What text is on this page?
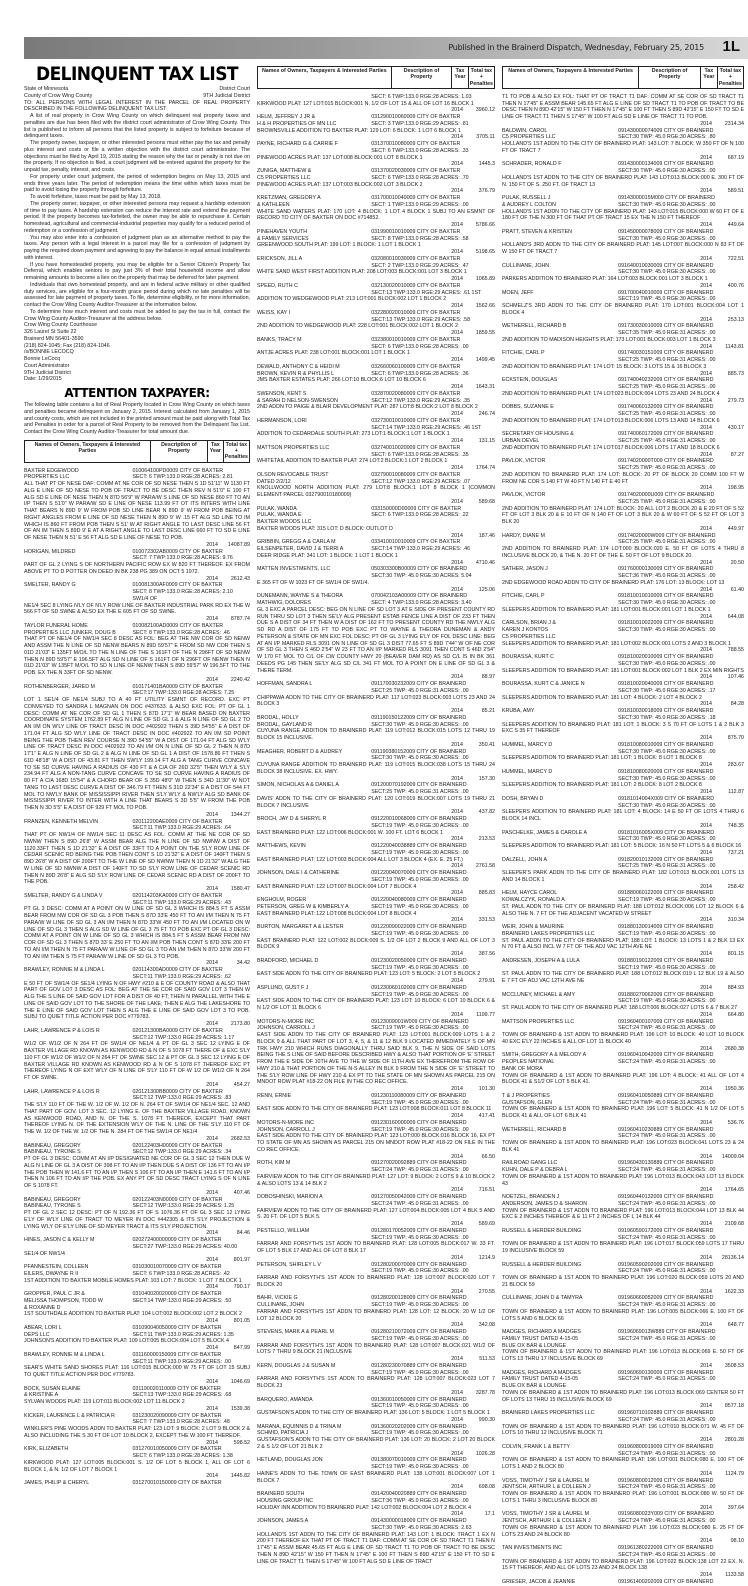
Published in the Brainerd Dispatch, Wednesday, February 25, 2015 1L
DELINQUENT TAX LIST
State of Minnesota	District Court
County of Crow Wing County	9TH Judicial District

TO: ALL PERSONS WITH LEGAL INTEREST IN THE PARCEL OF REAL PROPERTY DESCRIBED IN THE FOLLOWING DELINQUENT TAX LIST

A list of real property in Crow Wing County on which delinquent real property taxes and penalties are due has been filed with the district court administrator of Crow Wing County. This list is published to inform all persons that the listed property is subject to forfeiture because of delinquent taxes.

The property owner, taxpayer, or other interested persons must either pay the tax and penalty plus interest and costs or file a written objection with the district court administrator. The objections must be filed by April 19, 2015 stating the reason why the tax or penalty is not due on the property. If no objection is filed, a court judgment will be entered against the property for the unpaid tax, penalty, interest, and costs.

For property under court judgment, the period of redemption begins on May 13, 2015 and ends three years later. The period of redemption means the time within which taxes must be paid to avoid losing the property through forfeiture.

To avoid forfeiture, taxes must be paid by May 13, 2018.

The property owner, taxpayer, or other interested persons may request a hardship extension of time to pay taxes. A hardship extension can reduce the interest rate and extend the payment period. If the property becomes tax-forfeited, the owner may be able to repurchase it. Certain homestead, agricultural and commercial-industrial properties may qualify for a reduced period of redemption or a confession of judgment.

You may also enter into a confession of judgment plan as an alternative method to pay the taxes. Any person with a legal interest in a parcel may file for a confession of judgment by paying the required down payment and agreeing to pay the balance in equal annual installments with interest.

If you have homesteaded property, you may be eligible for a Senior Citizen's Property Tax Deferral, which enables seniors to pay just 3% of their total household income and allow remaining amounts to become a lien on the property that may be deferred for later payment.

Individuals that own homestead property, and are in federal active military or other qualified duty services, are eligible for a four-month grace period during which no late penalties will be assessed for late payment of property taxes. To file, determine eligibility, or for more information, contact the Crow Wing County Auditor-Treasurer at the information below.

To determine how much interest and costs must be added to pay the tax in full, contact the Crow Wing County Auditor-Treasurer at the address below.

Crow Wing County Courthouse
326 Laurel St Suite 22
Brainerd MN 56401-3590
(218) 824-1045; Fax (218) 824-1046
/s/BONNIE LECOCQ
Bonnie LeCocq
Court Administrator
9TH Judicial District
Date: 1/29/2015
ATTENTION TAXPAYER:

The following table contains a list of Real Property located in Crow Wing County on which taxes and penalties became delinquent on January 2, 2015. Interest calculated from January 1, 2015 and county costs, which are not included in the printed amount must be paid along with Total Tax and Penalties in order for a parcel of Real Property to be removed from the Delinquent Tax List. Contact the Crow Wing County Auditor-Treasurer for total amount due.

Names of Owners, Taxpayers & Interested Parties	Description of Property	Tax Year	Total tax + Penalties
BAXTER EDGEWOOD
PROPERTIES LLC
010064100PD0009 CITY OF BAXTER
SECT: 6 TWP:133.0 RGE:28 ACRES: 2.81
ALL THAT PT OF NESE DAF: COMM AT NE COR OF SD NESE THEN S 1D 51'11" W 1130 FT ALG E LINE OF SD NESE TO POB OF TRACT TO BE DESC THEN REV N 51'0" E 100 FT ALG SD E LINE OF NESE THEN N 87D 56'9" W PARA/W S LINE OF SD NESE 860 FT TO AN I/P THEN S 51'0" W PARA/W SD E LINE OF NESE 113.99 FT OT ITS INTERS WITH LINE THAT BEARS N 89D 9' W FROM POB SD LINE BEAR N 89D 9' W FROM POB BEING AT RIGHT ANGLES FROM E LINE OF SD NESE THEN N 89D 9' W .15 FT ALG SD LINE TO IM WHICH IS 860 FT FROM POB THEN S 51' W AT RIGHT ANGLE TO LAST DESC LINE 56 FT OF AN IM THEN S 89D 9' E AT A RIGHT ANGLE TO LAST DESC LINE 660 FT TO SD E LINE OF NESE THEN N 51' E 56 FT ALG SD E LINE OF NESE TO POB.
2014	14087.89
HORIGAN, MILDRED	010072302AB0009 CITY OF BAXTER
SECT: 7 TWP:133.0 RGE:28 ACRES: 9.76
PART OF GL 2 LYING S OF NORTHERN PACIFIC ROW EX W 820 FT THEREOF. EX FROM ABOVE PT TO D POTTER ON DEED IN BK 238 PG 389 ON OCT 5 1972.
2014	2612.43
SMELTER, RANDY G	010081300AF0009 CITY OF BAXTER
SECT: 8 TWP:133.0 RGE:28 ACRES: 2.10 SW1/4 OF
NE1/4 SEC 8 LYING N'LY OF N'LY ROW LINE OF BAXTER INDUSTRIAL PARK RD EX THE W 566 FT OF SD SWNE & ALSO EX THE E 605 FT OF SD SWNE.
2014	8787.74
TAYLOR FUNERAL HOME
PROPERTIES LLC JUNKER, DOUG B
010082100AD0009 CITY OF BAXTER
SECT: 8 TWP:133.0 RGE:28 ACRES: .46
THAT PT OF NE1/4 OF NW1/4 SEC 8 DESC AS FOL: BEG AT THE NW COR OF SD NENW AND ASSM THE N LINE OF SD NENW BEARS N 89D 59'57" E FROM SD NW COR THEN S 01D 21'03" E 135FT M/O/L TO THE N LINE OF THE S 161FT OF THE N 296FT OF SD NENW THEN N 89D 59'57" E 196.5FT ALG SD N LINE OF S 161FT OF N 296FT OF NENW THEN N 01D 21'03" W 135FT M/O/L TO SD N LINE OF NENW THEN S 89D 59'57" W 196.5FT TO THE POB. EX THE N 33FT OF SD NENW.
2014	2240.42
ROTHENBERGER, JARED M	010171401BA0009 CITY OF BAXTER
SECT:17 TWP:133.0 RGE:28 ACRES: 7.25
LOT 1 SE1/4 OF NE1/4 SUBJ TO A 40 FT UTILITY ESMNT OF RECORD. EXC PT CONVEYED TO SANDRA L MAGNAN ON DOC #437633. & ALSO EXC FOL: PT OF GL 1 DESC: COMM AT NE COR OF SD GL 1 THEN S 87D 17'1" W BEAR BASED ON BAXTER COORDINATE SYSTEM 1762.89 FT ALG N LINE OF SD GL 1 & ALG N LINE OF SD GL 2 TO AN I/M ON W'LY LINE OF TRACT DESC IN DOC #402922 THEN S 39D 54'55" E A DIST OF 171.04 FT ALG SD W'LY LINE OF TRACT DESC IN DOC #402922 TO AN I/M SD POINT BEING THE POB THEN REV COURSE N 39D 54'55" W A DIST OF 171.04 FT ALG SD W'LY LINE OF TRACT DESC IN DOC #402922 TO AN I/M ON N LINE OF SD GL 2 THEN N 87D 17'1" E ALG N LINE OF SD GL 2 & ALG N LINE OF SD GL 1 A DIST OF 1578.86 FT THEN S 61D 48'18" W A DIST OF 43.81 FT THEN SW'LY 199.14 FT ALG A TANG CURVE CONCAVE TO SE SD CURVE HAVING A RADIUS OF 430 FT & A C/A OF 26D 32'5" THEN W'LY & S'LY 234.94 FT ALG A NON-TANG CURVE CONCAVE TO SE SD CURVE HAVING A RADIUS OF 80 FT A C/A 168D 15'54" & A CHORD BEAR OF S 35D 48'0" W THEN S 34D 11'30" W NOT TANG TO LAST DESC CURVE A DIST OF 346.79 FT THEN S 31D 22'34" E A DIST OF 544 FT MOL TO NW'LY BANK OF MISSISSIPPI RIVER THEN S'LY W'LY & NW'LY ALG SD BANK OF MISSISSIPPI RIVER TO INTER WITH A LINE THAT BEARS S 3D 5'5" W FROM THE POB THEN N 3D 5'5" E A DIST OF 929 FT MOL TO POB.
2014	1344.27
FRANZEN, KENNETH MELVIN	020112200AE0009 CITY OF BAXTER
SECT:11 TWP:133.0 RGE:29 ACRES: .64
THAT PT OF NW1/4 OF NW1/4 SEC 11 DESC AS FOL: COMM AT THE NE COR OF SD NWNW THEN S 89D 26'8" W ASSM BEAR ALG THE N LINE OF SD NWNW A DIST OF 1120.33FT THEN S 1D 21'32" E A DIST OF 33FT TO A POINT ON THE S'LY ROW LINE OF CEDAR SCENIC RD BEING THE POB THEN CONT S 1D 21'32" E A DIST OF 140FT THEN S 89D 26'8" W A DIST OF 200FT TO THE W LINE OF SD NWNW THEN N 1D 21'32" W ALG THE W LINE OF SD NWNW A DIST OF 140FT TO SD S'LY ROW LINE OF CEDAR SCENIC RD THEN N 89D 26'8" E ALG SD S'LY ROW LINE OF CEDAR SCENIC RD A DIST OF 200FT TO THE POB.
2014	1580.47
SMELTER, RANDY G & LINDA V	020114203KA0009 CITY OF BAXTER
SECT:11 TWP:133.0 RGE:29 ACRES: .43
PT GL 3 DESC: COMM AT A POINT ON W LINE OF SD GL 3 WHICH IS 884.5 FT S ASSM BEAR FROM NW COR OF SD GL 3 POB THEN S 87D 33'E 450 FT TO AN I/M THEN N 75 FT PARA/W W LINE OF SD GL 3 AN I/M THEN N 87D 33'W 450 FT TO AN I/M LOCATED ON W LINE OF SD GL 3 THEN S ALG SD W LINE OF GL 3 75 FT TO POB EXC PT OF GL 3 DESC: COMM AT A POINT ON W LINE OF SD GL 3 WHICH IS 884.5 FT S ASSM BEAR FROM NW COR OF SD GL 3 THEN S 87D 33' E 250 FT TO AN I/M POB THEN CONT S 87D 33'E 200 FT TO AN I/M THEN N 75 FT PARA/W W LINE OF SD GL 3 TO AN I/M THEN N 87D 33'W 200 FT TO AN I/M THEN S 75 FT PARA/W W LINE OF SD GL 3 TO POB.
2014	34.42
BRAWLEY, RONNIE M & LINDA L	020114300AD0009 CITY OF BAXTER
SECT:11 TWP:133.0 RGE:29 ACRES: .62
E 50 FT OF SW1/4 OF SE1/4 LYING N OF HWY #210 & E OF COUNTY ROAD & ALSO THAT PART OF GOV LOT 3 DESC AS FOL: BEG AT THE SE COR OF SAID GOV LOT 3 THEN W ALG THE S LINE OF SAID GOV LOT FOR A DIST OF 40 FT; THEN N PARALLEL WITH THE E LINE OF SAID GOV LOT TO THE SHORE OF THE LAKE; THEN E ALG THE LAKESHORE TO THE E LINE OF SAID GOV LOT THEN S ALG THE E LINE OF SAID GOV LOT 3 TO POB. SUBJ TO QUIET TITLE ACTION PER DOC #779783.
2014	2173.80
LAHR, LAWRENCE P & LOIS R	020121300BA0009 CITY OF BAXTER
SECT:12 TWP:133.0 RGE:29 ACRES: 1.17
W1/2 OF W1/2 OF N 264 FT OF SW1/4 OF NE1/4 & PT OF GL 3 SEC 12 LYING E OF BAXTER VILLAGE RD KNOWN AS KENWOOD RD & N OF S 1078 FT THERE OF & EXC S'LY 110 FT OF W1/2 OF W1/2 OF N 264 FT OF SWNE SEC 12 & PT OF GL 3 SEC 12 LYING E OF BAXTER VILLAGE RD KNOWN AS KENWOOD RD & N OF S 1078 FT THEREOF EXC PT THEREOF LYING N OF EXT W'LY OF N LINE OF S'LY 110 FT OF W 1/2 OF W1/2 OF N 264 FT OF SWNE.
2014	454.27
LAHR, LAWRENCE P & LOIS R	020121300BB0009 CITY OF BAXTER
SECT:12 TWP:133.0 RGE:29 ACRES: .83
THE S'LY 110 FT OF THE W. 1/2 OF W. 1/2 OF N. 264 FT OF SW1/4 OF NE1/4 SEC. 12 AND THAT PART OF GOV. LOT 3 SEC. 12 LYING E. OF THE BAXTER VILLAGE ROAD, KNOWN AS KENWOOD ROAD, AND N. OF THE S. 1078 FT THEREOF, EXCEPT THAT PART THEREOF LYING N. OF THE EXTENSION W'LY OF THE N. LINE OF THE S'LY 110 FT OF THE W. 1/2 OF THE W. 1/2 OF THE N. 284 FT OF THE SW1/4 OF NE1/4
2014	2682.53
BABINEAU, GREGORY
BABINEAU, TYRONE S
020122403H00009 CITY OF BAXTER
SECT:12 TWP:133.0 RGE:29 ACRES: .34
PT OF GL 3 DESC: COMM AT AN I/P DESIGNATED NE COR OF GL 3 SEC 12 THEN DUE W ALG N LINE OF GL 3 A DIST OF 398 FT TO AN I/P THEN DUE S A DIST OF 136 FT TO AN I/P THE POB THEN W 141.6 FT TO AN I/P THEN S 106 FT TO AN I/P THEN E 141.6 FT TO AN I/P THEN N 106 FT TO AN I/P THE POB. EX ANY PT OF SD DESC TRACT LYING S OF N LINE OF S 1078 FT.
2014	407.46
BABINEAU, GREGORY
BABINEAU, TYRONE S
020122403N00009 CITY OF BAXTER
SECT:12 TWP:133.0 RGE:29 ACRES: 1.25
PT OF GL 2 SEC 12 DESC: PT OF N 192.36 FT OF S 1076.36 FT OF GL 3 SEC 12 LYING E'LY OF W'LY LINE OF TRACT TO MEYER IN DOC #442305 & ITS S'LY PROJECTION & LYING W'LY OF E'LY LINE OF SD MEYER TRACT & ITS S'LY PROJECTION.
2014	84.46
HINES, JASON C & KELLY M	020272400000009 CITY OF BAXTER
SECT:27 TWP:133.0 RGE:29 ACRES: 40.00
SE1/4 OF NW1/4
2014	801.97
PFANNESTEIN, COLLEEN
EILERS, DWAYNE R II
031030010070009 CITY OF BAXTER
SECT: 6 TWP:133.0 RGE:28 ACRES: .42
1ST ADDITION TO BAXTER MOBILE HOMES PLAT: 103 LOT: 7 BLOCK: 1 LOT 7 BLOCK 1
2014	790.17
GROPPER, PAUL C JR &
MELISSA THOMPSON, TODD W
& ROXANNE D
031040020020009 CITY OF BAXTER
SECT:14 TWP:133.0 RGE:29 ACRES: .50
1ST SOUTHDALE ADDITION TO BAXTER PLAT: 104 LOT:002 BLOCK:002 LOT 2 BLOCK 2
2014	801.05
ABEAR, LORI L
DEPS LLC
031090040050009 CITY OF BAXTER
SECT:11 TWP:133.0 RGE:29 ACRES: 1.35
JOHNSON'S ADDITION TO BAXTER PLAT: 109 LOT:005 BLOCK:004 LOT 5 BLOCK 4
2014	847.99
BRAWLEY, RONNIE M & LINDA L	031160000150009 CITY OF BAXTER
SECT:11 TWP:133.0 RGE:29 ACRES: .00
SEAR'S WHITE SAND SHORES PLAT: 116 LOT:015 BLOCK:000 W 75 FT OF LOT 15 SUBJ TO QUIET TITLE ACTION PER DOC #779783.
2014	1046.69
BOCK, SUSAN ELAINE
& KRISTINE A
031190020110009 CITY OF BAXTER
SECT:13 TWP:133.0 RGE:29 ACRES: .68
SYLVAN WOODS PLAT: 119 LOT:011 BLOCK:002 LOT 11 BLOCK 2
2014	1539.38
KICKER, LAURENCE L & PATRICIA R	031230020090009 CITY OF BAXTER
SECT: 7 TWP:133.0 RGE:28 ACRES: .48
WINKLER'S PINE WOODS ADDN TO BAXTER PLAT: 123 LOT: 9 BLOCK: 2 LOT 9 BLOCK 2 & ALSO INCLUDING THE S 30 FT OF LOT 10 BLOCK 2, EXCEPT THE W 100 FT THEREOF.
2014	598.52
KIRK, ELIZABETH	031270010050009 CITY OF BAXTER
SECT: 6 TWP:133.0 RGE:28 ACRES: 1.38
KIRKWOOD PLAT: 127 LOT:005 BLOCK:001 S. 1/2 OF LOT 5 BLOCK 1, ALL OF LOT 6 BLOCK 1, & N. 1/2 OF LOT 7 BLOCK 1
2014	1445.82
JAMES, PHILIP & CHERYL	031270010150009 CITY OF BAXTER
Names of Owners, Taxpayers & Interested Parties	Description of Property	Tax Year	Total tax + Penalties
SECT: 6 TWP:133.0 RGE:28 ACRES: 1.03
KIRKWOOD PLAT: 127 LOT:015 BLOCK:001 N. 1/2 OF LOT 15 & ALL OF LOT 16 BLOCK 1
2014	3960.12
HELM, JEFFREY J JR &
H & H PROPERTIES OF MN LLC
031290010060009 CITY OF BAXTER
SECT: 3 TWP:133.0 RGE:29 ACRES: .81
BROWNSVILLE ADDITION TO BAXTER PLAT: 129 LOT: 6 BLOCK: 1 LOT 6 BLOCK 1
2014	3705.11
PAYNE, RICHARD G & CARRIE F	031370010080009 CITY OF BAXTER
SECT: 6 TWP:133.0 RGE:28 ACRES: .33
PINEWOOD ACRES PLAT: 137 LOT:008 BLOCK:001 LOT 8 BLOCK 1
2014	1445.3
ZUNIGA, MATTHEW &
C5 PROPERTIES LLC
031370020030009 CITY OF BAXTER
SECT: 6 TWP:133.0 RGE:28 ACRES: .70
PINEWOOD ACRES PLAT: 137 LOT:003 BLOCK:002 LOT 3 BLOCK 2
2014	376.79
KRETZMAN, GREGORY A
& KATHLEEN
031700010040009 CITY OF BAXTER
SECT: 1 TWP:133.0 RGE:29 ACRES: .00
WHITE SAND WATERS PLAT: 170 LOT: 4 BLOCK: 1 LOT 4 BLOCK 1 SUBJ TO AN ESMNT OF RECORD TO CITY OF BAXTER ON DOC #714852.
2014	5786.66
PINEHAVEN YOUTH
& FAMILY SERVICES
031990010010009 CITY OF BAXTER
SECT: 8 TWP:133.0 RGE:28 ACRES: .58
GREENWOOD SOUTH PLAT: 199 LOT: 1 BLOCK: 1 LOT 1 BLOCK 1
2014	5198.65
ERICKSON, JILL A	032080010030009 CITY OF BAXTER
SECT: 2 TWP:133.0 RGE:29 ACRES: .47
WHITE SAND WEST FIRST ADDITION PLAT: 208 LOT:003 BLOCK:001 LOT 3 BLOCK 1
2014	1065.89
SPEED, RUTH C	032130020010009 CITY OF BAXTER
SECT:13 TWP:133.0 RGE:29 ACRES: .61 1ST
ADDITION TO WEDGEWOOD PLAT: 213 LOT:001 BLOCK:002 LOT 1 BLOCK 2
2014	1562.66
WEISS, KAY I	032280020010009 CITY OF BAXTER
SECT:13 TWP:133.0 RGE:29 ACRES: .58
2ND ADDITION TO WEDGEWOOD PLAT: 228 LOT:001 BLOCK:002 LOT 1 BLOCK 2
2014	1859.55
BANKS, TRACY M	032380010010009 CITY OF BAXTER
SECT: 6 TWP:133.0 RGE:28 ACRES: .00
ANTJE ACRES PLAT: 238 LOT:001 BLOCK:001 LOT 1 BLOCK 1
2014	1499.45
DEWALD, ANTHONY C & HEIDI M
BROWN, KEVIN R & PHYLLIS L
032660060100009 CITY OF BAXTER
SECT: 6 TWP:133.0 RGE:28 ACRES: .36
JMS BAXTER ESTATES PLAT: 266 LOT:10 BLOCK:6 LOT 10 BLOCK 6
2014	1643.31
SWENSON, KENT S
& SARAH D NELSON-SWENSON
032870020080009 CITY OF BAXTER
SECT:12 TWP:133.0 RGE:29 ACRES: .35
2ND ADDN TO PAIGE & BLAIR DEVELOPMENT PLAT: 287 LOT:8 BLOCK:2 LOT 8 BLOCK 2
2014	246.74
HERMANSON, LORI	032730010010009 CITY OF BAXTER
SECT:14 TWP:133.0 RGE:29 ACRES: .46 1ST
ADDITION TO CEDARDALE SOUTH PLAT: 273 LOT:1 BLOCK:1 LOT 1 BLOCK 1
2014	131.15
MATTSON PROPERTIES LLC	032740010020009 CITY OF BAXTER
SECT: 6 TWP:133.0 RGE:28 ACRES: .35
WHITETAIL ADDITION TO BAXTER PLAT: 274 LOT:2 BLOCK:1 LOT 2 BLOCK 1
2014	1764.74
OLSON REVOCABLE TRUST
DATED 2/2/12
032790010080009 CITY OF BAXTER
SECT:12 TWP:133.0 RGE:29 ACRES: .07
KNOLLWOOD NORTH ADDITION PLAT: 279 LOT:8 BLOCK:1 LOT 8 BLOCK 1 (COMMON ELEMENT PARCEL 032790010180009)
2014	589.68
PULAK, WANDA
PULAK, WANDA E
BAXTER WOODS LLC
033150000D00009 CITY OF BAXTER
SECT: 6 TWP:133.0 RGE:28 ACRES: .22
BAXTER WOODS PLAT: 315 LOT: D BLOCK: OUTLOT D
2014	187.46
GRIBBIN, GREGG A & CARLA M
EILSENPETER, DAVID J & TERRI A
033410010010009 CITY OF BAXTER
SECT:14 TWP:133.0 RGE:29 ACRES: .46
DEER RIDGE PLAT: 341 LOT: 1 BLOCK: 1 LOT 1 BLOCK 1
2014	4710.46
MATTEN INVESTMENTS, LLC	050303300B00009 CITY OF BRAINERD
SECT:30 TWP: 45.0 RGE:30 ACRES: 5.04
E 365 FT OF W 1023 FT OF SW1/4 OF SW1/4.
2014	125.06
DUNEMANN, WAYNE S & THEORA
MATHWIG, DOLORES
070042103A00009 CITY OF BRAINERD
SECT: 4 TWP:133.0 RGE:28 ACRES: 3.40
GL 3 EXC A PARCEL DESC: BEG ON N LINE OF SD LOT 3 AT E SIDE OF PRESENT COUNTY RD RUN THRU SD LOT 3 THEN SE'LY ALG PRESENT ESTAB FENCE LINE A DIST OF 233 FT THEN DUE S A DIST OF 34 FT THEN W A DIST OF 162 FT TO PRESENT COUNTY RD THE NW'LY ALG SD RD A DIST OF 175 FT TO POB EXC PT TO WAYNE & THEORA DUNEMAN & ANDY PETERSON & STATE OF MN EXC FOL DESC: PT OF GL 3 LYING E'LY OF FOL DESC LINE: BEG AT AN I/P MARKED RLS 3091 ON N LINE OF SD GL 3 DIST 77.65 FT S 89D 7'44" W OF NE COR OF SD GL 3 THEN S 46D 2'54" W 23 FT TO AN I/P MARKED RLS 3091 THEN CONT S 46D 2'54" W 170 FT MOL TO C/L OF CW COUNTY HWY 20 (BEAVER DAM RD) AS SD C/L IS IN BK 361 DEEDS PG 145 THEN SE'LY ALG SD C/L 341 FT MOL TO A POINT ON E LINE OF SD GL 3 & THERE TERM.
2014	88.97
HOFFMAN, SANDRA L	091170030232009 CITY OF BRAINERD
SECT:25 TWP: 45.0 RGE:31 ACRES: .00
CHIPPAWA ADDN TO THE CITY OF BRAINERD PLAT: 117 LOT:023 BLOCK:003 LOTS 23 AND 24 BLOCK 3
2014	85.21
BRODAL, HOLLY
BRODAL, GAYLAND R
091190150122009 CITY OF BRAINERD
SECT:30 TWP: 45.0 RGE:30 ACRES: .00
CUYUNA RANGE ADDITION TO BRAINERD PLAT: 119 LOT:012 BLOCK:015 LOTS 12 THRU 19 BLOCK 15 INCLUSIVE.
2014	350.41
MEAGHER, ROBERT D & AUDREY	091190380152009 CITY OF BRAINERD
SECT:30 TWP: 45.0 RGE:30 ACRES: .00
CUYUNA RANGE ADDITION TO BRAINERD PLAT: 119 LOT:015 BLOCK:038 LOTS 15 THRU 24 BLOCK 38 INCLUSIVE. EX. HWY.
2014	157.30
SIMON, NICHOLAS A & DANIEL A	091200070192009 CITY OF BRAINERD
SECT:25 TWP: 45.0 RGE:31 ACRES: .00
DAVIS' ADDN TO THE CITY OF BRAINERD PLAT: 120 LOT:019 BLOCK:007 LOTS 19 THRU 21 BLOCK 7 INCLUSIVE
2014	437.82
BROCH, JAY D & SHERYL R	091220010068009 CITY OF BRAINERD
SECT:19 TWP: 45.0 RGE:30 ACRES: .00
EAST BRAINERD PLAT: 122 LOT:006 BLOCK:001 W. 100 FT. LOT 6 BLOCK 1
2014	213.53
MATTHEWS, KEVIN	091220040038889 CITY OF BRAINERD
SECT:19 TWP: 45.0 RGE:30 ACRES: .00
EAST BRAINERD PLAT: 122 LOT:003 BLOCK:004 ALL LOT 3 BLOCK 4 (EX. E. 25 FT.)
2014	2761.58
JOHNSON, DALE I & CATHERINE	091220040070009 CITY OF BRAINERD
SECT:19 TWP: 45.0 RGE:30 ACRES: .00
EAST BRAINERD PLAT: 122 LOT:007 BLOCK:004 LOT 7 BLOCK 4
2014	885.83
ENGHOLM, ROGER
PETERSON, GREG W & KIMBERLY A
091220040080009 CITY OF BRAINERD
SECT:19 TWP: 45.0 RGE:30 ACRES: .00
EAST BRAINERD PLAT: 122 LOT:008 BLOCK:004 LOT 8 BLOCK 4
2014	331.53
BURTON, MARGARET A & LESTER	091220090022009 CITY OF BRAINERD
SECT:19 TWP: 45.0 RGE:30 ACRES: .00
EAST BRAINERD PLAT: 122 LOT:002 BLOCK:009 S. 1/2 OF LOT 2 BLOCK 9 AND ALL OF LOT 3 BLOCK 9
2014	387.56
BRADFORD, MICHAEL D	091230020050009 CITY OF BRAINERD
SECT:19 TWP: 45.0 RGE:30 ACRES: .00
EAST SIDE ADDN TO THE CITY OF BRAINERD PLAT: 123 LOT: 5 BLOCK: 2 LOT 5 BLOCK 2
2014	279.91
ASPLUND, GUST F J	091230060102009 CITY OF BRAINERD
SECT:19 TWP: 45.0 RGE:30 ACRES: .00
EAST SIDE ADDN TO THE CITY OF BRAINERD PLAT: 123 LOT: 10 BLOCK: 6 LOT 10 BLOCK 6 & N 1/2 OF LOT 11 BLOCK 6
2014	1199.77
MOTORS-N-MORE INC
JOHNSON, CARROLL J
09123009001W009 CITY OF BRAINERD
SECT:19 TWP: 45.0 RGE:30 ACRES: .00
EAST SIDE ADDN TO THE CITY OF BRAINERD PLAT: 123 LOT:001 BLOCK:009 LOTS 1 & 2 BLOCK 9 & ALL THAT PART OF LOT 3, 4, 5, & 11 & 12 BLK 9 LOCATED IMMEDIATELY S OF MN TRK HWY 210 WHICH RUNS DIAGONALLY THRU SAID BLK 9, THE N SIDE OF SAID LOTS BEING THE S LINE OF SAID BEFORE DESCRIBED HWY & ALSO THAT PORTION OF 'E' STREET FROM THE E SIDE OF 10TH AVE TO THE W SIDE OF 11TH AVE EX THEREFROM THE ROW OF HWY 210 & THAT PORTION OF THE N-S ALLEY IN BLK 9 FROM THE N SIDE OF 'E' STREET TO THE S'LY ROW LINE OF HWY 210 & EX PT TO THE STATE OF MN SHOWN AS PARCEL 215 ON MNDOT ROW PLAT #18-22 ON FILE IN THE CO REC OFFICE.
2014	101.30
RENN, ERNIE	091230110080009 CITY OF BRAINERD
SECT:19 TWP: 45.0 RGE:30 ACRES: .00
EAST SIDE ADDN TO THE CITY OF BRAINERD PLAT: 123 LOT:008 BLOCK:011 LOT 8 BLOCK 11
2014	417.41
MOTORS-N-MORE INC
JOHNSON, CARROLL J
091230160000009 CITY OF BRAINERD
SECT:19 TWP: 45.0 RGE:30 ACRES: .00
EAST SIDE ADDN TO THE CITY OF BRAINERD PLAT: 123 LOT:000 BLOCK:016 BLOCK 16, EX PT TO STATE OF MN AS SHOWN AS PARCEL 215 ON MNDOT ROW PLAT #18-22 ON FILE IN THE CO REC OFFICE.
2014	66.50
ROTH, KIM M	091270020092889 CITY OF BRAINERD
SECT:24 TWP: 45.0 RGE:31 ACRES: .00
FAIRVIEW ADDN TO THE CITY OF BRAINERD PLAT: 127 LOT: 9 BLOCK: 2 LOTS 9 & 10 BLOCK 2 & ALSO LOTS 13 & 14 BLK 2
2014	716.51
DOBOSHINSKI, MARION A	091270050042009 CITY OF BRAINERD
SECT:24 TWP: 45.0 RGE:31 ACRES: .00
FAIRVIEW ADDN TO THE CITY OF BRAINERD PLAT: 127 LOT:004 BLOCK:005 LOT 4 BLK 5 AND S. 20 FT. OF LOT 5 BLK 5.
2014	589.69
PESTELLO, WILLIAM	091280170052009 CITY OF BRAINERD
SECT:19 TWP: 45.0 RGE:30 ACRES: .00
FARRAR AND FORSYTH'S 1ST ADDN TO BRAINERD PLAT: 128 LOT:005 BLOCK:017 W. 33 FT. OF LOT 5 BLK 17 AND ALL OF LOT 8 BLK 17
2014	1214.9
PETERSON, SHIRLEY L V	091280200070009 CITY OF BRAINERD
SECT:19 TWP: 45.0 RGE:30 ACRES: .00
FARRAR AND FORSYTH'S 1ST ADDN TO BRAINERD PLAT: 128 LOT:007 BLOCK:020 LOT 7 BLOCK 20
2014	270.55
BAHR, VICKIE G
CULLINANE, JOHN
091280200128009 CITY OF BRAINERD
SECT:19 TWP: 45.0 RGE:30 ACRES: .00
FARRAR AND FORSYTH'S 1ST ADDN TO BRAINERD PLAT: 128 LOT: 12 BLOCK: 20 W 1/2 OF LOT 12 BLOCK 20
2014	342.08
STEVENS, MARK A & PEARL M	091280210072009 CITY OF BRAINERD
SECT:19 TWP: 45.0 RGE:30 ACRES: .00
FARRAR AND FORSYTH'S 1ST ADDN TO BRAINERD PLAT: 128 LOT:007 BLOCK:021 W1/2 OF LOTS 7 THRU 9 BLOCK 21 INCLUSIVE
2014	511.53
KERN, DOUGLAS J & SUSAN M	091280230070889 CITY OF BRAINERD
SECT:19 TWP: 45.0 RGE:30 ACRES: .00
FARRAR AND FORSYTH'S 1ST ADDN TO BRAINERD PLAT: 128 LOT:007 BLOCK:023 LOT 7 BLOCK 23
2014	3287.78
BARQUERO, AMANDA	091360010050009 CITY OF BRAINERD
SECT:19 TWP: 45.0 RGE:30 ACRES: .00
GUSTAFSON'S ADDN TO THE CITY OF BRAINERD PLAT: 136 LOT: 5 BLOCK: 1 LOT 5 BLOCK 1
2014	990.30
MARANA, EQUINNIS D & TRINA M
SCHMID, PATRICIA J
091360020202009 CITY OF BRAINERD
SECT:19 TWP: 45.0 RGE:30 ACRES: .00
GUSTAFSON'S ADDN TO THE CITY OF BRAINERD PLAT: 136 LOT: 20 BLOCK: 2 LOT 20 BLOCK 2 & S 1/2 OF LOT 21 BLK 2
2014	1026.28
HETLAND, DOUGLAS JON	091380070010009 CITY OF BRAINERD
SECT:19 TWP: 45.0 RGE:30 ACRES: .00
HAINE'S ADDN TO THE TOWN OF EAST BRAINERD PLAT: 138 LOT:001 BLOCK:007 LOT 1 BLOCK 7
2014	698.08
BRAINERD SOUTH
HOUSING GROUP INC
091420040020889 CITY OF BRAINERD
SECT:36 TWP: 45.0 RGE:31 ACRES: .00
HOLIDAY INN ADDITION TO BRAINERD PLAT: 142 LOT:002 BLOCK:004 LOT 2 BLOCK 4
2014	17.1
JOHNSON, JAMES A	091430000018009 CITY OF BRAINERD
SECT:30 TWP: 45.0 RGE:30 ACRES: 2.63
HOLLAND'S 1ST ADDN TO THE CITY OF BRAINERD PLAT: 143 LOT: 1 BLOCK: TRACT 1 EX N 200 FT THEREOF EX THAT PT OF TRACT T1 DAF: COMM AT SE COR OF SD TRACT T1 THEN N 17'45" E ASSM BEAR 45.65 FT ALG E LINE OF SD TRACT T1 TO POB OF TRACT TO BE DESC THEN N 89D 42'15" W 150 FT THEN N 17'45" E 100 FT THEN S 89D 42'15" E 150 FT TO SD E LINE OF TRACT T1 THEN S 17'45" W 100 FT ALG SD E LINE OF TRACT
Names of Owners, Taxpayers & Interested Parties	Description of Property	Tax Year	Total tax + Penalties
T1 TO POB & ALSO EX FOL: THAT PT OF TRACT T1 DAF: COMM AT SE COR OF SD TRACT T1 THEN N 17'45" E ASSM BEAR 145.65 FT ALG E LINE OF SD TRACT T1 TO POB OF TRACT TO BE DESC THEN N 89D 42'15" W 150 FT THEN N 17'45" E 100 FT THEN S 89D 42'15" E 150 FT TO SD E LINE OF TRACT T1 THEN S 17'45" W 100 FT ALG SD E LINE OF TRACT T1 TO POB.
2014	2314.34
BALDWIN, CAROL
C5 PROPERTIES LLC
091430000074009 CITY OF BRAINERD
SECT:30 TWP: 45.0 RGE:30 ACRES: .80
HOLLAND'S 1ST ADDN TO THE CITY OF BRAINERD PLAT: 143 LOT: 7 BLOCK: W 350 FT OF N 100 FT OF TRACT 7
2014	687.19
SCHRADER, RONALD F	091430000134009 CITY OF BRAINERD
SECT:30 TWP: 45.0 RGE:30 ACRES: .00
HOLLAND'S 1ST ADDN TO THE CITY OF BRAINERD PLAT: 143 LOT:013 BLOCK:000 E. 300 FT OF N. 150 FT OF S. 250 FT. OF TRACT 13
2014	589.51
PULAK, RUSSELL J
& AUDREY L COLTON
09143000015M009 CITY OF BRAINERD
SECT:30 TWP: 45.0 RGE:30 ACRES: .00
HOLLAND'S 1ST ADDN TO THE CITY OF BRAINERD PLAT: 143 LOT:015 BLOCK:000 W 60 FT OF E 180 FT OF THE N 300 FT OF THAT PT OF TRACT 15 EX THE N 150 FT THEREOF
2014	449.64
PRATT, STEVEN & KRISTEN	091450000078009 CITY OF BRAINERD
SECT:30 TWP: 45.0 RGE:30 ACRES: .00
HOLLAND'S 3RD ADDN TO THE CITY OF BRAINERD PLAT: 145 LOT:007 BLOCK:000 N 83 FT OF W 150 FT OF TRACT 7
2014	722.51
CULLINANE, JOHN	091640010030009 CITY OF BRAINERD
SECT:30 TWP: 45.0 RGE:30 ACRES: .00
PARKERS ADDITION TO BRAINERD PLAT: 164 LOT:003 BLOCK:001 LOT 3 BLOCK 1
2014	400.76
MOEN, JEFF	091700040010009 CITY OF BRAINERD
SECT:19 TWP: 45.0 RGE:30 ACRES: .00
SCHMELZ'S 3RD ADDN TO THE CITY OF BRAINERD PLAT: 170 LOT:001 BLOCK:004 LOT 1 BLOCK 4
2014	253.13
WETHERELL, RICHARD B	091730030010009 CITY OF BRAINERD
SECT:35 TWP: 45.0 RGE:31 ACRES: .00
2ND ADDITION TO MADISON HEIGHTS PLAT: 173 LOT:001 BLOCK:003 LOT 1 BLOCK 3
2014	1143.81
FITCHIE, CARL P	091740030151009 CITY OF BRAINERD
SECT:25 TWP: 45.0 RGE:31 ACRES: .00
2ND ADDITION TO BRAINERD PLAT: 174 LOT: 15 BLOCK: 3 LOTS 15 & 16 BLOCK 3
2014	885.73
ECKSTEIN, DOUGLAS	091740040232009 CITY OF BRAINERD
SECT:25 TWP: 45.0 RGE:31 ACRES: .00
2ND ADDITION TO BRAINERD PLAT: 174 LOT:023 BLOCK:004 LOTS 23 AND 24 BLOCK 4
2014	279.73
DOBBS, SUZANNE E	091740060132009 CITY OF BRAINERD
SECT:25 TWP: 45.0 RGE:31 ACRES: .00
2ND ADDITION TO BRAINERD PLAT: 174 LOT:013 BLOCK:006 LOTS 13 AND 14 BLOCK 6
2014	430.17
SECRETARY OF HOUSING &
URBAN DEVEL
091740060172009 CITY OF BRAINERD
SECT:25 TWP: 45.0 RGE:31 ACRES: .00
2ND ADDITION TO BRAINERD PLAT: 174 LOT:017 BLOCK:006 LOTS 17 AND 18 BLOCK 6
2014	87.27
PAVLOK, VICTOR	09174020000T009 CITY OF BRAINERD
SECT:25 TWP: 45.0 RGE:31 ACRES: .00
2ND ADDITION TO BRAINERD PLAT: 174 LOT: BLOCK: 20 PT OF BLOCK 20 COMM 100 FT W FROM NE COR S 140 FT W 40 FT N 140 FT E 40 FT
2014	198.95
PAVLOK, VICTOR	09174020000U009 CITY OF BRAINERD
SECT:25 TWP: 45.0 RGE:31 ACRES: .00
2ND ADDITION TO BRAINERD PLAT: 174 LOT: BLOCK: 20 ALL LOT 2 BLOCK 20 & E 20 FT OF S 52 FT OF LOT 3 BLK 20 & E 10 FT OF N 140 FT OF LOT 3 BLK 20 & W 60 FT OF S 52 FT OF LOT 3 BLK 20
2014	449.97
HARDY, DIANE M	09174020000W009 CITY OF BRAINERD
SECT:25 TWP: 45.0 RGE:31 ACRES: .00
2ND ADDITION TO BRAINERD PLAT: 174 LOT:000 BLOCK:020 E. 50 FT OF LOTS 4 THRU 8 INCLUSIVE BLOCK 20, & THE N. 20 FT OF THE E. 50 FT OF LOT 9 BLOCK 20.
2014	20.50
SATHER, JASON J	091760000130009 CITY OF BRAINERD
SECT:36 TWP: 45.0 RGE:31 ACRES: .00
2ND EDGEWOOD ROAD ADDN TO CITY OF BRAINERD PLAT: 176 LOT: 13 BLOCK: LOT 13
2014	61.40
FITCHIE, CARL P	091810010010009 CITY OF BRAINERD
SECT:30 TWP: 45.0 RGE:30 ACRES: .00
SLEEPERS ADDITION TO BRAINERD PLAT: 181 LOT:001 BLOCK:001 LOT 1 BLOCK 1
2014	644.08
CARLSON, BRIAN J &
KAREN J KONTOS
C5 PROPERTIES LLC
091810010022009 CITY OF BRAINERD
SECT:30 TWP: 45.0 RGE:30 ACRES: .00
SLEEPERS ADDITION TO BRAINERD PLAT: 181 LOT:002 BLOCK:001 LOTS 2 AND 3 BLOCK 1
2014	788.55
BOURASSA, KURT C	091810020010009 CITY OF BRAINERD
SECT:30 TWP: 45.0 RGE:30 ACRES: .00
SLEEPERS ADDITION TO BRAINERD PLAT: 181 LOT:001 BLOCK:002 LOT 1 BLK 2 EX MIN RIGHTS
2014	107.46
BOURASSA, KURT C & JANICE N	091810020040009 CITY OF BRAINERD
SECT:30 TWP: 45.0 RGE:30 ACRES: .17
SLEEPERS ADDITION TO BRAINERD PLAT: 181 LOT: 4 BLOCK: 2 LOT 4 BLOCK 2
2014	84.28
KRUBA, AMY	091810030018009 CITY OF BRAINERD
SECT:30 TWP: 45.0 RGE:30 ACRES: .18
SLEEPERS ADDITION TO BRAINERD PLAT: 181 LOT: 1 BLOCK: 3 S 70 FT OF LOTS 1 & 2 BLK 3 EXC S 35 FT THEREOF
2014	875.70
HUMMEL, MARCY D	091810080010009 CITY OF BRAINERD
SECT:30 TWP: 45.0 RGE:30 ACRES: .00
SLEEPERS ADDITION TO BRAINERD PLAT: 181 LOT: 1 BLOCK: 8 LOT 1 BLOCK 8
2014	283.67
HUMMEL, MARCY D	091810080020009 CITY OF BRAINERD
SECT:30 TWP: 45.0 RGE:30 ACRES: .00
SLEEPERS ADDITION TO BRAINERD PLAT: 181 LOT: 2 BLOCK: 8 LOT 2 BLOCK 8
2014	112.87
DOSH, BRYAN D	09181014004X009 CITY OF BRAINERD
SECT:30 TWP: 45.0 RGE:30 ACRES: .00
SLEEPERS ADDITION TO BRAINERD PLAT: 181 LOT: 4 BLOCK: 14 E 50 FT OF LOTS 4 THRU 6 BLOCK 14 INCL
2014	748.35
PASCHELKE, JAMES & CAROLE A	09181016005X009 CITY OF BRAINERD
SECT:30 TWP: 45.0 RGE:30 ACRES: .00
SLEEPERS ADDITION TO BRAINERD PLAT: 181 LOT: 5 BLOCK: 16 N 50 FT LOTS 5 & 6 BLOCK 16
2014	737.21
DALZELL, JOHN A	091820010132009 CITY OF BRAINERD
SECT:25 TWP: 45.0 RGE:31 ACRES: .00
SLEEPER'S PARK ADDN TO THE CITY OF BRAINERD PLAT: 182 LOT:013 BLOCK:001 LOTS 13 AND 14 BLOCK 1
2014	258.42
HELM, HAYCE CAROL
KOWALCZYK, RONALD A
091880060122009 CITY OF BRAINERD
SECT:19 TWP: 45.0 RGE:30 ACRES: .00
ST. PAUL ADDN TO THE CITY OF BRAINERD PLAT: 188 LOT:012 BLOCK:006 LOT 12 BLOCK 6 & ALSO THE N. 7 FT OF THE ADJACENT VACATED W STREET
2014	310.34
WEIR, JOHN & MAURINE
BRAINERD LAKES PROPERTIES LLC
091880130014009 CITY OF BRAINERD
SECT:19 TWP: 45.0 RGE:30 ACRES: .00
ST. PAUL ADDN TO THE CITY OF BRAINERD PLAT: 188 LOT: 1 BLOCK: 13 LOTS 1 & 2 BLK 13 EX N 70 FT & ALSO INCL W 7 FT OF THE ADJ VAC 12TH AVE NE
2014	801.15
ANDRESEN, JOSEPH A & LULA	091880190122009 CITY OF BRAINERD
SECT:19 TWP: 45.0 RGE:30 ACRES: .00
ST. PAUL ADDN TO THE CITY OF BRAINERD PLAT: 188 LOT:012 BLOCK:019 L 12 BLK 19 & ALSO E 7 FT OF ADJ VAC 12TH AVE NE
2014	884.93
MCCLUNEY, MICHAEL & AMY	091880270062009 CITY OF BRAINERD
SECT:19 TWP: 45.0 RGE:30 ACRES: .00
ST. PAUL ADDN TO THE CITY OF BRAINERD PLAT: 188 LOT:006 BLOCK:027 LOTS 6 & 7 BLK 27
2014	664.80
MATTSON PROPERTIES LLC	091960400107009 CITY OF BRAINERD
SECT:24 TWP: 45.0 RGE:31 ACRES: .00
TOWN OF BRAINERD & 1ST ADDN TO BRAINERD PLAT: 196 LOT: 10 BLOCK: 40 LOT 10 BLOCK 40 EXC E'LY 22 INCHES & ALL OF LOT 11 BLOCK 40
2014	2680.38
SMITH, GREGORY A & MELODY A
PEOPLES NATIONAL
BANK OF MORA
091960410042009 CITY OF BRAINERD
SECT:24 TWP: 45.0 RGE:31 ACRES: .00
TOWN OF BRAINERD & 1ST ADDN TO BRAINERD PLAT: 196 LOT: 4 BLOCK: 41 ALL OF LOT 4 BLOCK 41 & S1/2 OF LOT 5 BLK 41.
2014	1950.36
T & J PROPERTIES
GUSTAFSON, GLEN
091960410050889 CITY OF BRAINERD
SECT:24 TWP: 45.0 RGE:31 ACRES: .00
TOWN OF BRAINERD & 1ST ADDN TO BRAINERD PLAT: 196 LOT: 5 BLOCK: 41 N 1/2 OF LOT 5 BLOCK 41 & ALL OF LOT 6 BLK 41
2014	536.76
WETHERELL, RICHARD B	091960410230889 CITY OF BRAINERD
SECT:24 TWP: 45.0 RGE:31 ACRES: .00
TOWN OF BRAINERD & 1ST ADDN TO BRAINERD PLAT: 196 LOT:023 BLOCK:041 LOTS 23 & 24 BLK 41
2014	14009.04
RAILROAD GANG LLC
KUHN, DALE P & DEBRA L
091960430130889 CITY OF BRAINERD
SECT:24 TWP: 45.0 RGE:31 ACRES: .00
TOWN OF BRAINERD & 1ST ADDN TO BRAINERD PLAT: 196 LOT:013 BLOCK:043 LOT 13 BLOCK 43
2014	1764.65
NOETZEL, BRANDEN J
ANDERSON, JAMES D & SHARON
091960440132009 CITY OF BRAINERD
SECT:24 TWP: 45.0 RGE:31 ACRES: .00
TOWN OF BRAINERD & 1ST ADDN TO BRAINERD PLAT: 196 LOT:013 BLOCK:044 LOT 13 BLK 44 EXC E 2 INCHES THEREOF & E 11 FT 2 INCHES OF L 14 BLK 44
2014	2109.68
RUSSELL & HERDER BUILDING	091960590172009 CITY OF BRAINERD
SECT:24 TWP: 45.0 RGE:31 ACRES: .00
TOWN OF BRAINERD & 1ST ADDN TO BRAINERD PLAT: 196 LOT:017 BLOCK:059 LOTS 17 THRU 19 INCLUSIVE BLOCK 59
2014	28136.14
RUSSELL & HERDER BUILDING	091960590202009 CITY OF BRAINERD
SECT:24 TWP: 45.0 RGE:31 ACRES: .00
TOWN OF BRAINERD & 1ST ADDN TO BRAINERD PLAT: 196 LOT:020 BLOCK:059 LOTS 20 AND 21 BLOCK 59
2014	1622.33
CULLINANE, JOHN D & TAMYRA	091960660052009 CITY OF BRAINERD
SECT:24 TWP: 45.0 RGE:31 ACRES: .00
TOWN OF BRAINERD & 1ST ADDN TO BRAINERD PLAT: 196 LOT:005 BLOCK:066 E. 100 FT OF LOTS 5 AND 6 BLOCK 66
2014	648.77
MADGES, RICHARD A MADGES
FAMILY TRUST DATED 4-15-05
BLUE OX BAR & LOUNGE
09196069013W889 CITY OF BRAINERD
SECT:24 TWP: 45.0 RGE:31 ACRES: .00
TOWN OF BRAINERD & 1ST ADDN TO BRAINERD PLAT: 196 LOT:013 BLOCK:069 E. 50 FT OF LOTS 13 THRU 17 INCLUSIVE BLOCK 69
2014	3508.53
MADGES, RICHARD A MADGES
FAMILY TRUST DATED 4-15-05
BLUE OX BAR & LOUNGE
091960690130009 CITY OF BRAINERD
SECT:24 TWP: 45.0 RGE:31 ACRES: .00
TOWN OF BRAINERD & 1ST ADDN TO BRAINERD PLAT: 196 LOT:013 BLOCK:069 CENTER 50 FT OF LOTS 13 THRU 15 INCLUSIVE BLOCK 69
2014	8577.18
BRAINERD LAKES PROPERTIES LLC	091960710102889 CITY OF BRAINERD
SECT:24 TWP: 45.0 RGE:31 ACRES: .00
TOWN OF BRAINERD & 1ST ADDN TO BRAINERD PLAT: 196 LOT:010 BLOCK:071 W. 45 FT OF LOTS 10 THRU 12 INCLUSIVE BLOCK 71
2014	2801.28
COLVIN, FRANK L & BETTY	091960800019009 CITY OF BRAINERD
SECT:24 TWP: 45.0 RGE:31 ACRES: .00
TOWN OF BRAINERD & 1ST ADDN TO BRAINERD PLAT: 196 LOT:001 BLOCK:080 E. 100 FT OF LOTS 1 AND 2 BLOCK 80
2014	1124.79
VOSS, TIMOTHY J SR & LAUREL M
JENTSCH, ARTHUR L & COLLEEN J
091960800012009 CITY OF BRAINERD
SECT:24 TWP: 45.0 RGE:31 ACRES: .00
TOWN OF BRAINERD & 1ST ADDN TO BRAINERD PLAT: 196 LOT:001 BLOCK:080 W. 50 FT OF LOTS 1 THRU 3 INCLUSIVE BLOCK 80
2014	397.64
VOSS, TIMOTHY J SR & LAUREL M
JENTSCH, ARTHUR L & COLLEEN J
09196080023Y009 CITY OF BRAINERD
SECT:24 TWP: 45.0 RGE:31 ACRES: .00
TOWN OF BRAINERD & 1ST ADDN TO BRAINERD PLAT: 196 LOT:023 BLOCK:080 E. 25 FT OF LOTS 23 AND 24 BLOCK 80
2014	98.10
TAN INVESTMENTS INC	091961380222009 CITY OF BRAINERD
SECT:24 TWP: 45.0 RGE:31 ACRES: .00
TOWN OF BRAINERD & 1ST ADDN TO BRAINERD PLAT: 196 LOT:022 BLOCK:138 LOT 22 EX. N. 15 FT THEREOF, AND ALL OF LOTS 23 AND 24 BLOCK 138
2014	1133.58
GRIESER, JACOB & JEANNIE	091961400202009 CITY OF BRAINERD
